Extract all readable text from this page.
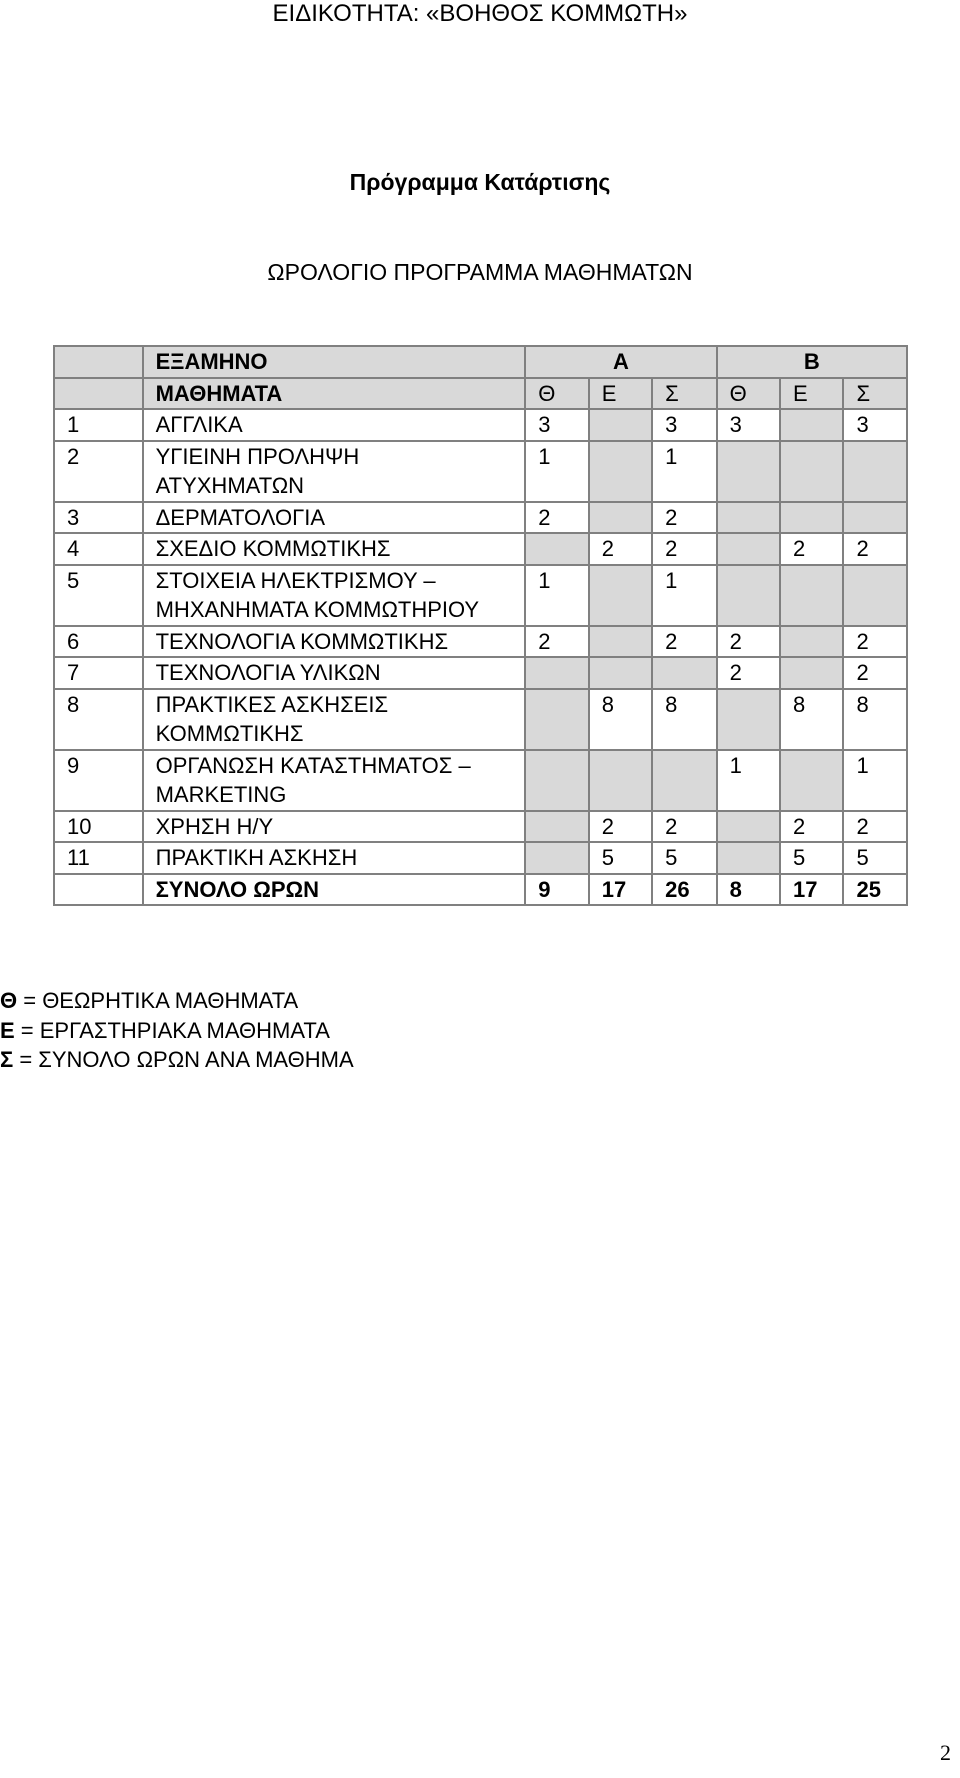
ΕΙΔΙΚΟΤΗΤΑ: «ΒΟΗΘΟΣ ΚΟΜΜΩΤΗ»
Πρόγραμμα Κατάρτισης
ΩΡΟΛΟΓΙΟ ΠΡΟΓΡΑΜΜΑ ΜΑΘΗΜΑΤΩΝ
	ΕΞΑΜΗΝΟ	Α			Β		
	ΜΑΘΗΜΑΤΑ	Θ	Ε	Σ	Θ	Ε	Σ
1	ΑΓΓΛΙΚΑ	3		3	3		3
2	ΥΓΙΕΙΝΗ ΠΡΟΛΗΨΗ ΑΤΥΧΗΜΑΤΩΝ	1		1			
3	ΔΕΡΜΑΤΟΛΟΓΙΑ	2		2			
4	ΣΧΕΔΙΟ ΚΟΜΜΩΤΙΚΗΣ		2	2		2	2
5	ΣΤΟΙΧΕΙΑ ΗΛΕΚΤΡΙΣΜΟΥ – ΜΗΧΑΝΗΜΑΤΑ ΚΟΜΜΩΤΗΡΙΟΥ	1		1			
6	ΤΕΧΝΟΛΟΓΙΑ ΚΟΜΜΩΤΙΚΗΣ	2		2	2		2
7	ΤΕΧΝΟΛΟΓΙΑ ΥΛΙΚΩΝ				2		2
8	ΠΡΑΚΤΙΚΕΣ ΑΣΚΗΣΕΙΣ ΚΟΜΜΩΤΙΚΗΣ		8	8		8	8
9	ΟΡΓΑΝΩΣΗ ΚΑΤΑΣΤΗΜΑΤΟΣ – MARKETING				1		1
10	ΧΡΗΣΗ Η/Υ		2	2		2	2
11	ΠΡΑΚΤΙΚΗ ΑΣΚΗΣΗ		5	5		5	5
	ΣΥΝΟΛΟ ΩΡΩΝ	9	17	26	8	17	25
Θ = ΘΕΩΡΗΤΙΚΑ ΜΑΘΗΜΑΤΑ
Ε = ΕΡΓΑΣΤΗΡΙΑΚΑ ΜΑΘΗΜΑΤΑ
Σ = ΣΥΝΟΛΟ ΩΡΩΝ ΑΝΑ ΜΑΘΗΜΑ
2
